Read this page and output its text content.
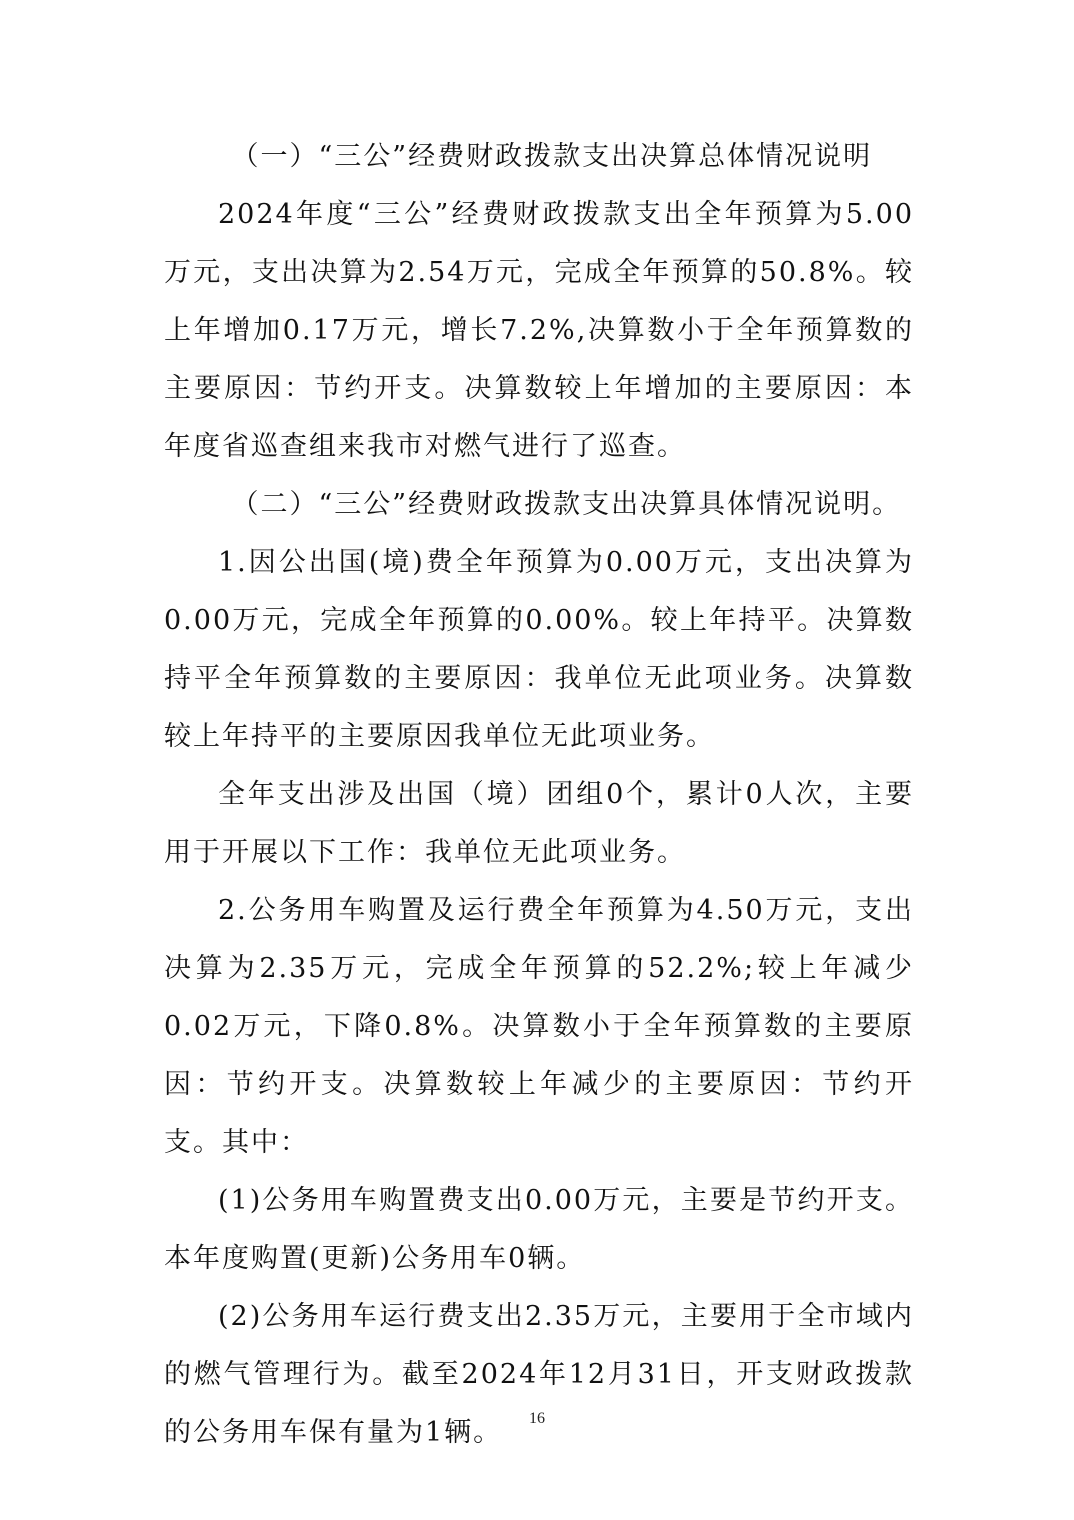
（一）“三公”经费财政拨款支出决算总体情况说明

2024年度“三公”经费财政拨款支出全年预算为5.00万元，支出决算为2.54万元，完成全年预算的50.8%。较上年增加0.17万元，增长7.2%,决算数小于全年预算数的主要原因：节约开支。决算数较上年增加的主要原因：本年度省巡查组来我市对燃气进行了巡查。

（二）“三公”经费财政拨款支出决算具体情况说明。

1.因公出国(境)费全年预算为0.00万元，支出决算为0.00万元，完成全年预算的0.00%。较上年持平。决算数持平全年预算数的主要原因：我单位无此项业务。决算数较上年持平的主要原因我单位无此项业务。

全年支出涉及出国（境）团组0个，累计0人次，主要用于开展以下工作：我单位无此项业务。

2.公务用车购置及运行费全年预算为4.50万元，支出决算为2.35万元，完成全年预算的52.2%;较上年减少0.02万元，下降0.8%。决算数小于全年预算数的主要原因：节约开支。决算数较上年减少的主要原因：节约开支。其中：

(1)公务用车购置费支出0.00万元，主要是节约开支。本年度购置(更新)公务用车0辆。

(2)公务用车运行费支出2.35万元，主要用于全市域内的燃气管理行为。截至2024年12月31日，开支财政拨款的公务用车保有量为1辆。	16
